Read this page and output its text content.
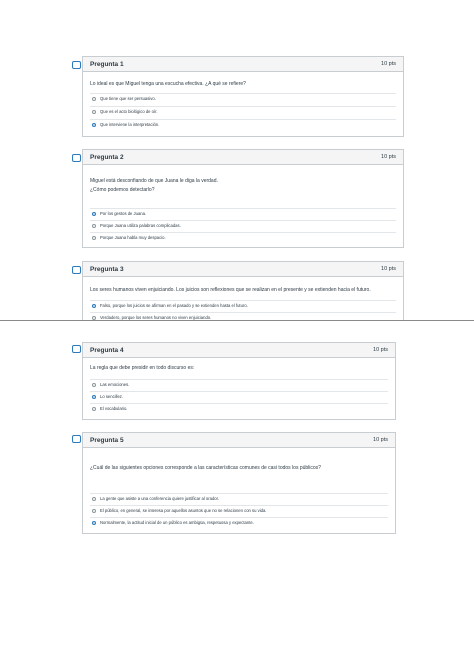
Pregunta 1	10 pts
Lo ideal es que Miguel tenga una escucha efectiva. ¿A qué se refiere?
Que tiene que ser persuasivo.
Que es el acto biológico de oír.
Que interviene la interpretación.
Pregunta 2	10 pts
Miguel está desconfiando de que Juana le diga la verdad.
¿Cómo podemos detectarlo?
Por los gestos de Juana.
Porque Juana utiliza palabras complicadas.
Porque Juana habla muy despacio.
Pregunta 3	10 pts
Los seres humanos viven enjuiciando. Los juicios son reflexiones que se realizan en el presente y se extienden hacia el futuro.
Falso, porque los juicios se afirman en el pasado y se extienden hasta el futuro.
Verdadero, porque los seres humanos no viven enjuiciando.
Pregunta 4	10 pts
La regla que debe presidir en todo discurso es:
Las emociones.
Lo sencillez.
El vocabulario.
Pregunta 5	10 pts
¿Cuál de las siguientes opciones corresponde a las características comunes de casi todos los públicos?
La gente que asiste a una conferencia quiere justificar al orador.
El público, en general, se interesa por aquellos asuntos que no se relacionen con su vida.
Normalmente, la actitud inicial de un público es ambigüa, respetuosa y expectante.
